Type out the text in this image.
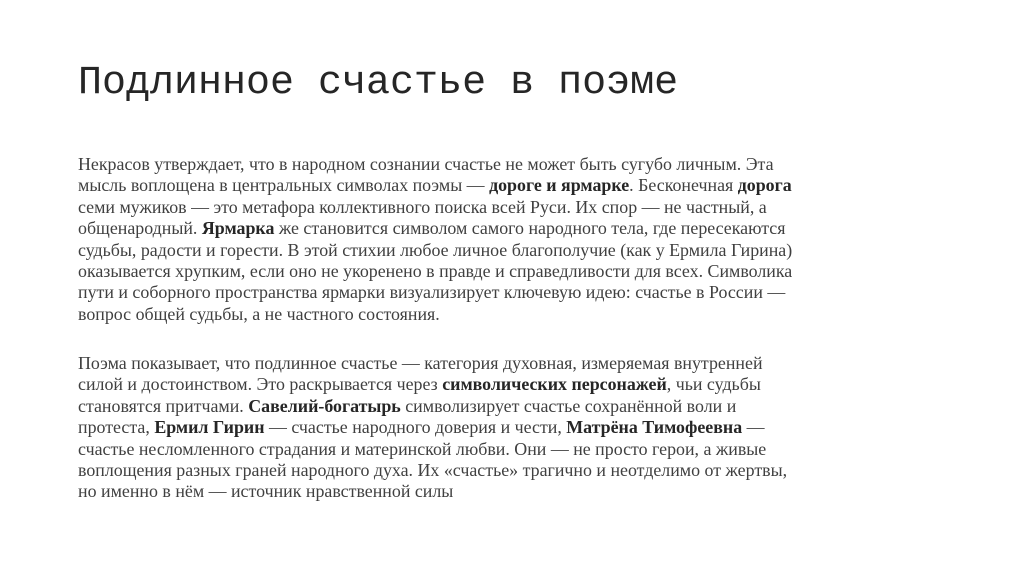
Подлинное счастье в поэме

Некрасов утверждает, что в народном сознании счастье не может быть сугубо личным. Эта
мысль воплощена в центральных символах поэмы — дороге и ярмарке. Бесконечная дорога
семи мужиков — это метафора коллективного поиска всей Руси. Их спор — не частный, а
общенародный. Ярмарка же становится символом самого народного тела, где пересекаются
судьбы, радости и горести. В этой стихии любое личное благополучие (как у Ермила Гирина)
оказывается хрупким, если оно не укоренено в правде и справедливости для всех. Символика
пути и соборного пространства ярмарки визуализирует ключевую идею: счастье в России —
вопрос общей судьбы, а не частного состояния.

Поэма показывает, что подлинное счастье — категория духовная, измеряемая внутренней
силой и достоинством. Это раскрывается через символических персонажей, чьи судьбы
становятся притчами. Савелий-богатырь символизирует счастье сохранённой воли и
протеста, Ермил Гирин — счастье народного доверия и чести, Матрёна Тимофеевна —
счастье несломленного страдания и материнской любви. Они — не просто герои, а живые
воплощения разных граней народного духа. Их «счастье» трагично и неотделимо от жертвы,
но именно в нём — источник нравственной силы
